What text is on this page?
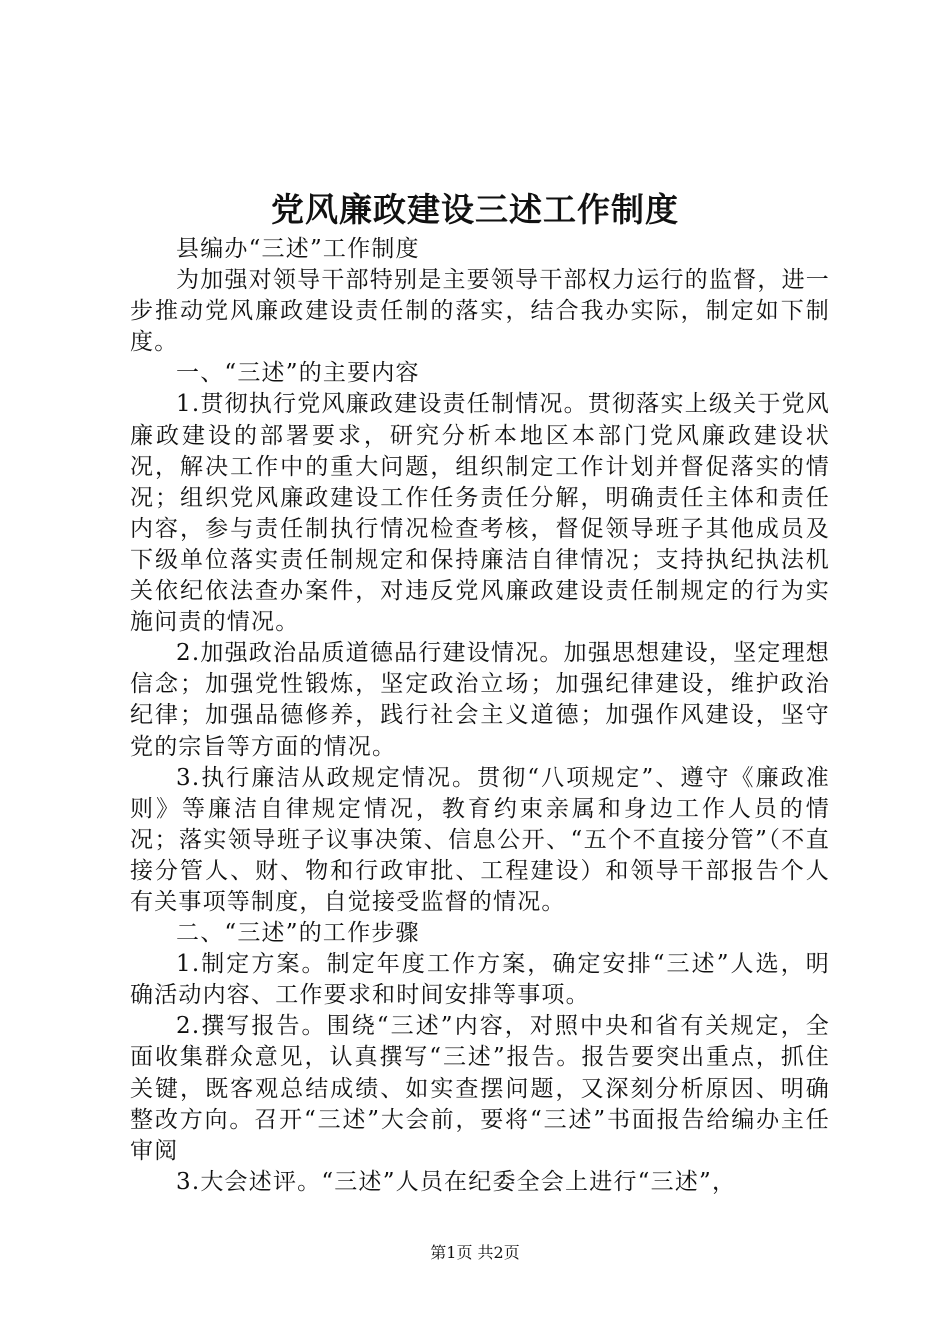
党风廉政建设三述工作制度

县编办“三述”工作制度

为加强对领导干部特别是主要领导干部权力运行的监督，进一步推动党风廉政建设责任制的落实，结合我办实际，制定如下制度。

一、“三述”的主要内容

1.贯彻执行党风廉政建设责任制情况。贯彻落实上级关于党风廉政建设的部署要求，研究分析本地区本部门党风廉政建设状况，解决工作中的重大问题，组织制定工作计划并督促落实的情况；组织党风廉政建设工作任务责任分解，明确责任主体和责任内容，参与责任制执行情况检查考核，督促领导班子其他成员及下级单位落实责任制规定和保持廉洁自律情况；支持执纪执法机关依纪依法查办案件，对违反党风廉政建设责任制规定的行为实施问责的情况。

2.加强政治品质道德品行建设情况。加强思想建设，坚定理想信念；加强党性锻炼，坚定政治立场；加强纪律建设，维护政治纪律；加强品德修养，践行社会主义道德；加强作风建设，坚守党的宗旨等方面的情况。

3.执行廉洁从政规定情况。贯彻“八项规定”、遵守《廉政准则》等廉洁自律规定情况，教育约束亲属和身边工作人员的情况；落实领导班子议事决策、信息公开、“五个不直接分管”（不直接分管人、财、物和行政审批、工程建设）和领导干部报告个人有关事项等制度，自觉接受监督的情况。

二、“三述”的工作步骤

1.制定方案。制定年度工作方案，确定安排“三述”人选，明确活动内容、工作要求和时间安排等事项。

2.撰写报告。围绕“三述”内容，对照中央和省有关规定，全面收集群众意见，认真撰写“三述”报告。报告要突出重点，抓住关键，既客观总结成绩、如实查摆问题，又深刻分析原因、明确整改方向。召开“三述”大会前，要将“三述”书面报告给编办主任审阅

3.大会述评。“三述”人员在纪委全会上进行“三述”，

第1页 共2页
